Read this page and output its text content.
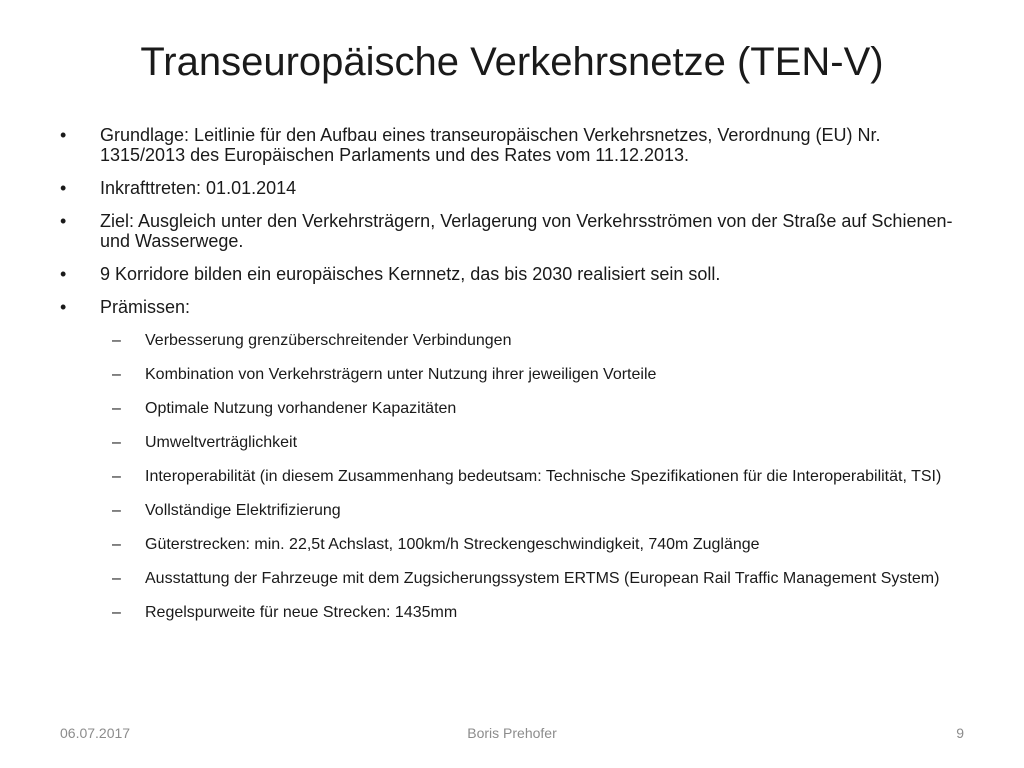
Transeuropäische Verkehrsnetze (TEN-V)
• Grundlage: Leitlinie für den Aufbau eines transeuropäischen Verkehrsnetzes, Verordnung (EU) Nr. 1315/2013 des Europäischen Parlaments und des Rates vom 11.12.2013.
• Inkrafttreten: 01.01.2014
• Ziel: Ausgleich unter den Verkehrsträgern, Verlagerung von Verkehrsströmen von der Straße auf Schienen- und Wasserwege.
• 9 Korridore bilden ein europäisches Kernnetz, das bis 2030 realisiert sein soll.
• Prämissen:
– Verbesserung grenzüberschreitender Verbindungen
– Kombination von Verkehrsträgern unter Nutzung ihrer jeweiligen Vorteile
– Optimale Nutzung vorhandener Kapazitäten
– Umweltverträglichkeit
– Interoperabilität (in diesem Zusammenhang bedeutsam: Technische Spezifikationen für die Interoperabilität, TSI)
– Vollständige Elektrifizierung
– Güterstrecken: min. 22,5t Achslast, 100km/h Streckengeschwindigkeit, 740m Zuglänge
– Ausstattung der Fahrzeuge mit dem Zugsicherungssystem ERTMS (European Rail Traffic Management System)
– Regelspurweite für neue Strecken: 1435mm
06.07.2017	Boris Prehofer	9
